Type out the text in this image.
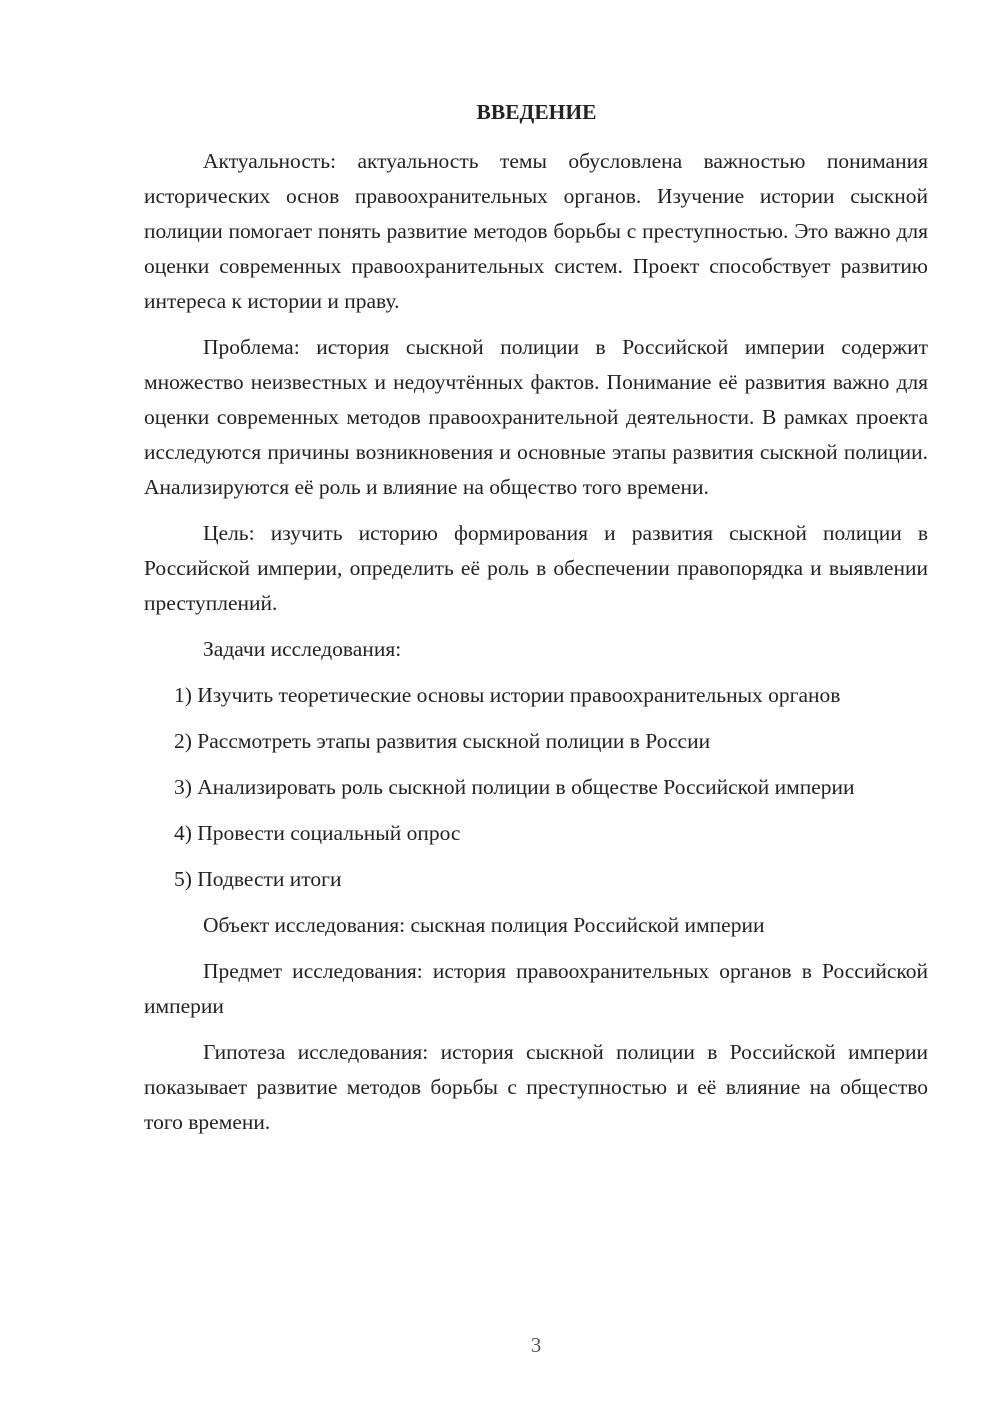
ВВЕДЕНИЕ

Актуальность: актуальность темы обусловлена важностью понимания исторических основ правоохранительных органов. Изучение истории сыскной полиции помогает понять развитие методов борьбы с преступностью. Это важно для оценки современных правоохранительных систем. Проект способствует развитию интереса к истории и праву.

Проблема: история сыскной полиции в Российской империи содержит множество неизвестных и недоучтённых фактов. Понимание её развития важно для оценки современных методов правоохранительной деятельности. В рамках проекта исследуются причины возникновения и основные этапы развития сыскной полиции. Анализируются её роль и влияние на общество того времени.

Цель: изучить историю формирования и развития сыскной полиции в Российской империи, определить её роль в обеспечении правопорядка и выявлении преступлений.

Задачи исследования:

1) Изучить теоретические основы истории правоохранительных органов

2) Рассмотреть этапы развития сыскной полиции в России

3) Анализировать роль сыскной полиции в обществе Российской империи

4) Провести социальный опрос

5) Подвести итоги

Объект исследования: сыскная полиция Российской империи

Предмет исследования: история правоохранительных органов в Российской империи

Гипотеза исследования: история сыскной полиции в Российской империи показывает развитие методов борьбы с преступностью и её влияние на общество того времени.

3
